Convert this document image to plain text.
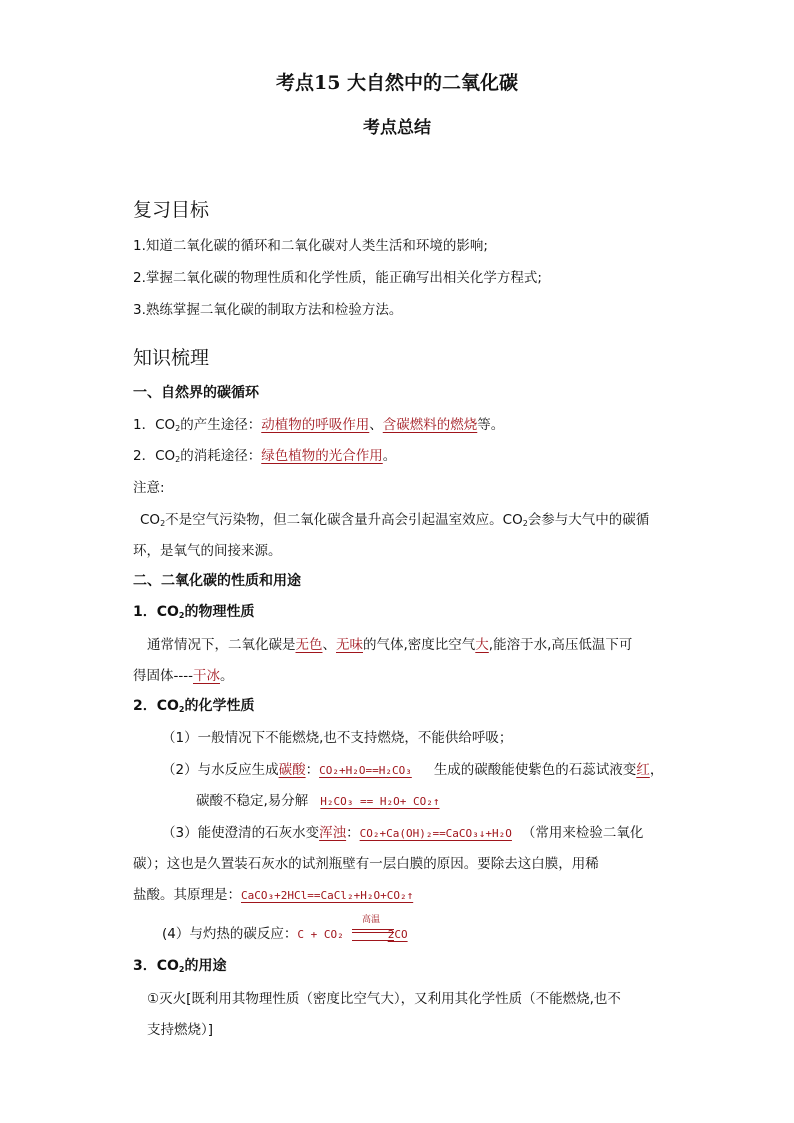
考点15 大自然中的二氧化碳
考点总结
复习目标
1.知道二氧化碳的循环和二氧化碳对人类生活和环境的影响;
2.掌握二氧化碳的物理性质和化学性质，能正确写出相关化学方程式;
3.熟练掌握二氧化碳的制取方法和检验方法。
知识梳理
一、自然界的碳循环
1．$CO_2$的产生途径：动植物的呼吸作用、含碳燃料的燃烧等。
2．$CO_2$的消耗途径：绿色植物的光合作用。
注意:
$CO_2$不是空气污染物，但二氧化碳含量升高会引起温室效应。$CO_2$会参与大气中的碳循
环，是氧气的间接来源。
二、二氧化碳的性质和用途
1．$CO_2$的物理性质
通常情况下，二氧化碳是无色、无味的气体,密度比空气大,能溶于水,高压低温下可
得固体----干冰。
2．$CO_2$的化学性质
（1）一般情况下不能燃烧,也不支持燃烧，不能供给呼吸；
（2）与水反应生成碳酸：CO₂+H₂O==H₂CO₃ 生成的碳酸能使紫色的石蕊试液变红，
碳酸不稳定,易分解 H₂CO₃ == H₂O+ CO₂↑
（3）能使澄清的石灰水变浑浊：CO₂+Ca(OH)₂==CaCO₃↓+H₂O （常用来检验二氧化
碳）；这也是久置装石灰水的试剂瓶壁有一层白膜的原因。要除去这白膜，用稀
盐酸。其原理是：CaCO₃+2HCl==CaCl₂+H₂O+CO₂↑
(4）与灼热的碳反应：C + CO₂	2CO
高温
3．$CO_2$的用途
①灭火[既利用其物理性质（密度比空气大），又利用其化学性质（不能燃烧,也不
支持燃烧）]
